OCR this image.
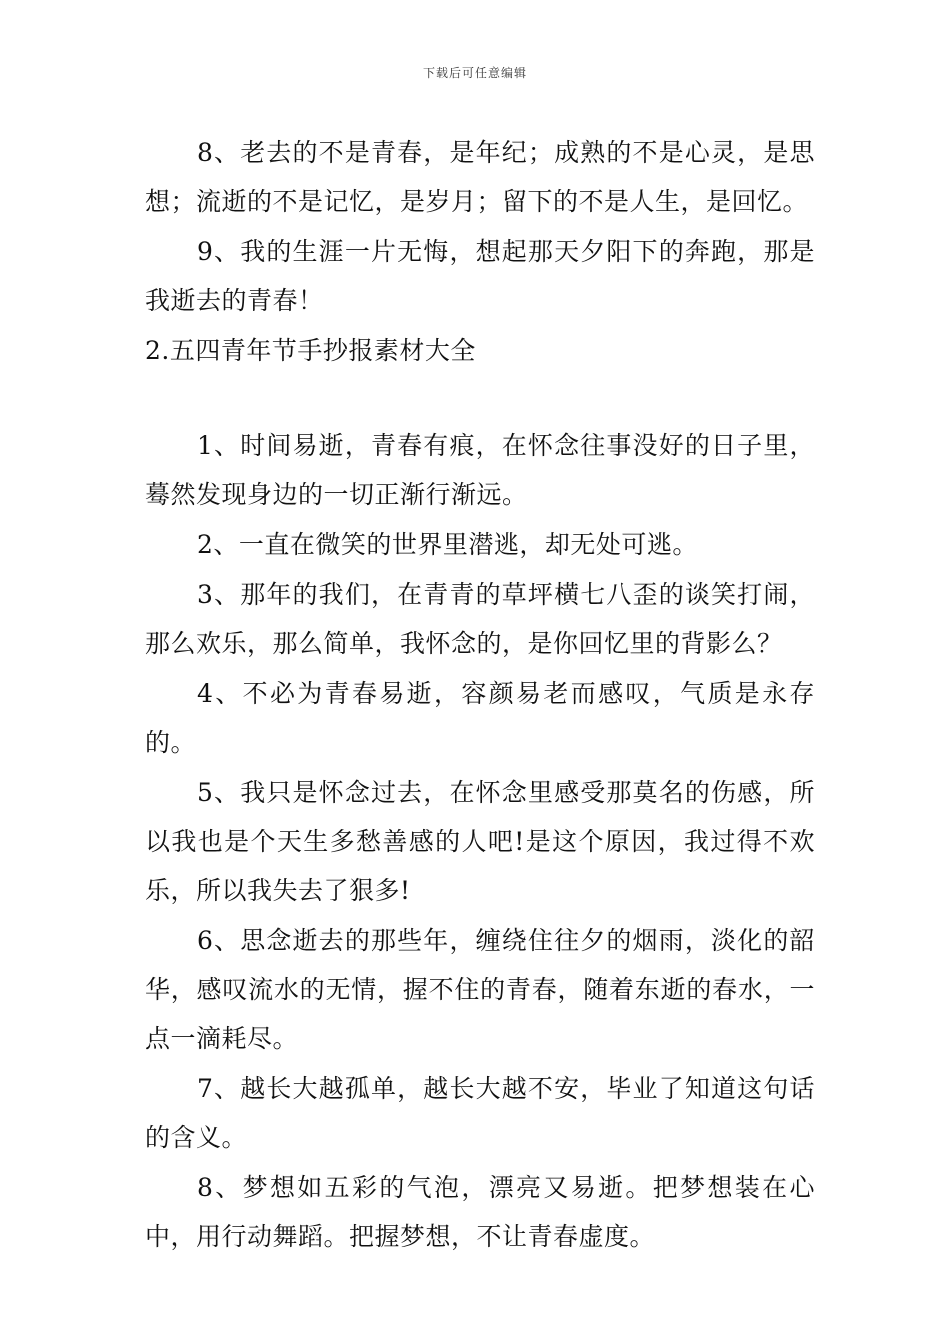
下载后可任意编辑

8、老去的不是青春，是年纪；成熟的不是心灵，是思想；流逝的不是记忆，是岁月；留下的不是人生，是回忆。

9、我的生涯一片无悔，想起那天夕阳下的奔跑，那是我逝去的青春！

2.五四青年节手抄报素材大全

1、时间易逝，青春有痕，在怀念往事没好的日子里，蓦然发现身边的一切正渐行渐远。

2、一直在微笑的世界里潜逃，却无处可逃。

3、那年的我们，在青青的草坪横七八歪的谈笑打闹，那么欢乐，那么简单，我怀念的，是你回忆里的背影么？

4、不必为青春易逝，容颜易老而感叹，气质是永存的。

5、我只是怀念过去，在怀念里感受那莫名的伤感，所以我也是个天生多愁善感的人吧!是这个原因，我过得不欢乐，所以我失去了狠多!

6、思念逝去的那些年，缠绕住往夕的烟雨，淡化的韶华，感叹流水的无情，握不住的青春，随着东逝的春水，一点一滴耗尽。

7、越长大越孤单，越长大越不安，毕业了知道这句话的含义。

8、梦想如五彩的气泡，漂亮又易逝。把梦想装在心中，用行动舞蹈。把握梦想，不让青春虚度。
